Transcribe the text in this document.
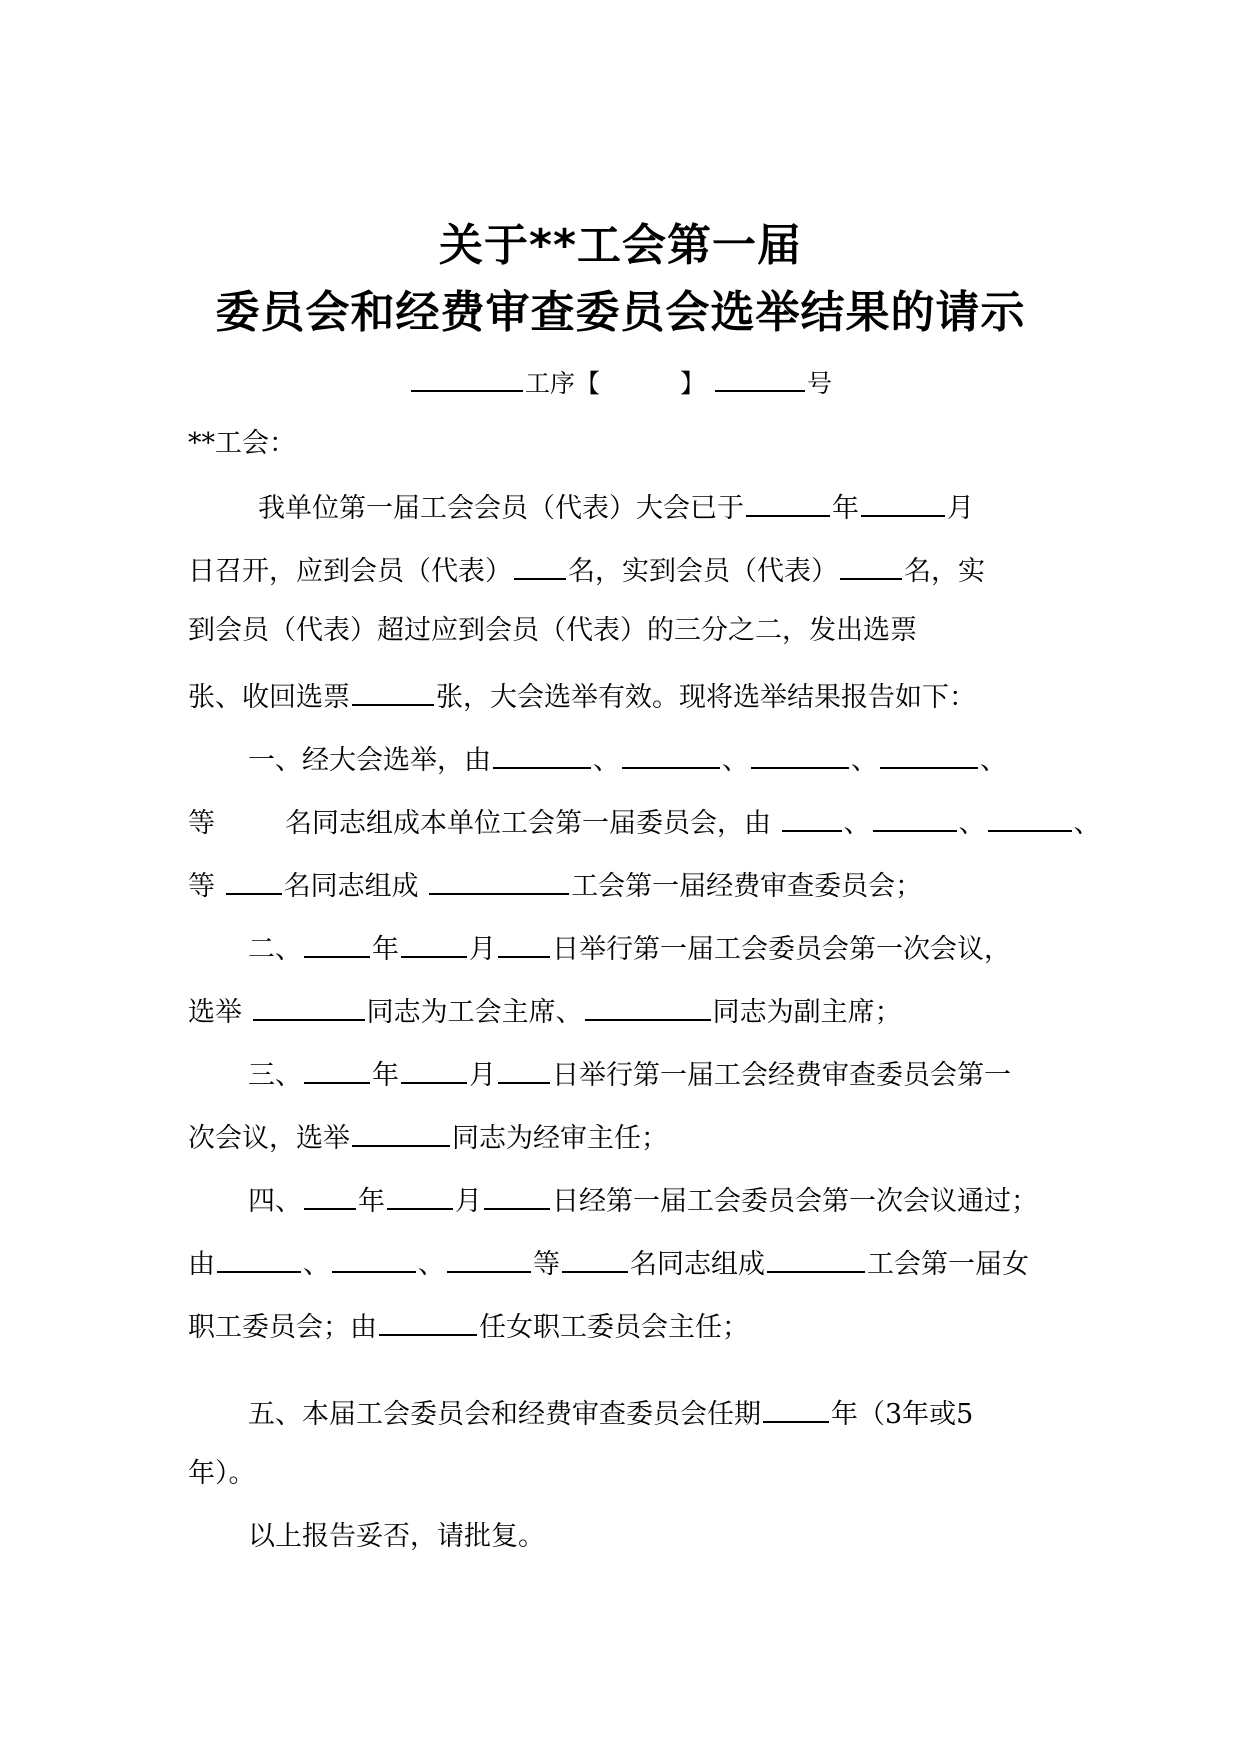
关于**工会第一届
委员会和经费审查委员会选举结果的请示
工序【	】	号
**工会：
我单位第一届工会会员（代表）大会已于	年	月
日召开，应到会员（代表） 名，实到会员（代表） 名，实
到会员（代表）超过应到会员（代表）的三分之二，发出选票
张、收回选票	张，大会选举有效。现将选举结果报告如下：
一、经大会选举，由	、	、	、	、
等	名同志组成本单位工会第一届委员会，由	、	、	、
等	名同志组成	工会第一届经费审查委员会；
二、	年	月 日举行第一届工会委员会第一次会议，
选举	同志为工会主席、	同志为副主席；
三、	年	月 日举行第一届工会经费审查委员会第一
次会议，选举	同志为经审主任；
四、 年	月	日经第一届工会委员会第一次会议通过；
由	、	、	等	名同志组成	工会第一届女
职工委员会；由	任女职工委员会主任；
五、本届工会委员会和经费审查委员会任期	年（3年或5
年）。
以上报告妥否，请批复。
